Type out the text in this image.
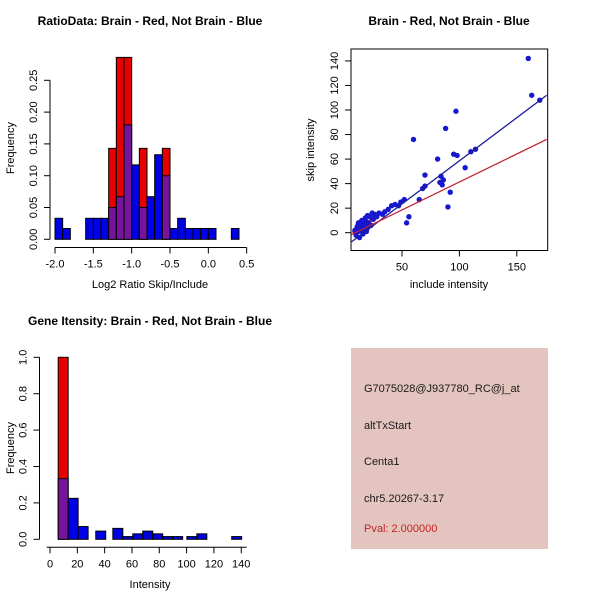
RatioData: Brain - Red, Not Brain - Blue
Log2 Ratio Skip/Include
Frequency
-2.0 -1.5 -1.0 -0.5 0.0 0.5
0.00
0.05
0.10
0.15
0.20
0.25
Brain - Red, Not Brain - Blue
include intensity
skip intensity
50	100	150
0
20
40
60
80
100
120
140
Gene Itensity: Brain - Red, Not Brain - Blue
Intensity
Frequency
0 20 40 60 80 100 120 140
0.0
0.2
0.4
0.6
0.8
1.0
G7075028@J937780_RC@j_at
altTxStart
Centa1
chr5.20267-3.17
Pval: 2.000000
